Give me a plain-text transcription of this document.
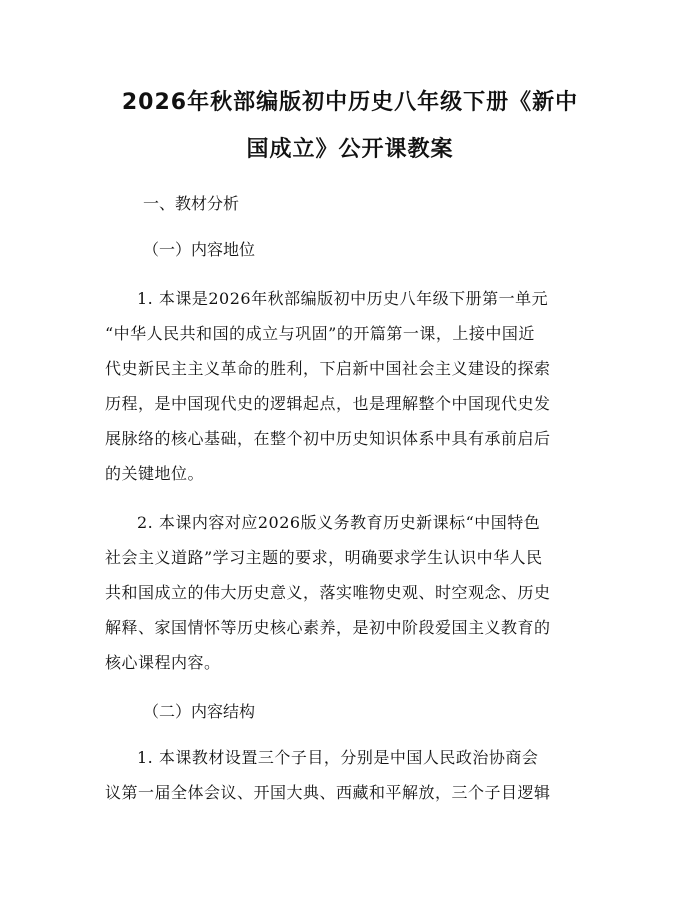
2026年秋部编版初中历史八年级下册《新中
国成立》公开课教案
一、教材分析
（一）内容地位
1. 本课是2026年秋部编版初中历史八年级下册第一单元
“中华人民共和国的成立与巩固”的开篇第一课，上接中国近
代史新民主主义革命的胜利，下启新中国社会主义建设的探索
历程，是中国现代史的逻辑起点，也是理解整个中国现代史发
展脉络的核心基础，在整个初中历史知识体系中具有承前启后
的关键地位。
2. 本课内容对应2026版义务教育历史新课标“中国特色
社会主义道路”学习主题的要求，明确要求学生认识中华人民
共和国成立的伟大历史意义，落实唯物史观、时空观念、历史
解释、家国情怀等历史核心素养，是初中阶段爱国主义教育的
核心课程内容。
（二）内容结构
1. 本课教材设置三个子目，分别是中国人民政治协商会
议第一届全体会议、开国大典、西藏和平解放，三个子目逻辑
